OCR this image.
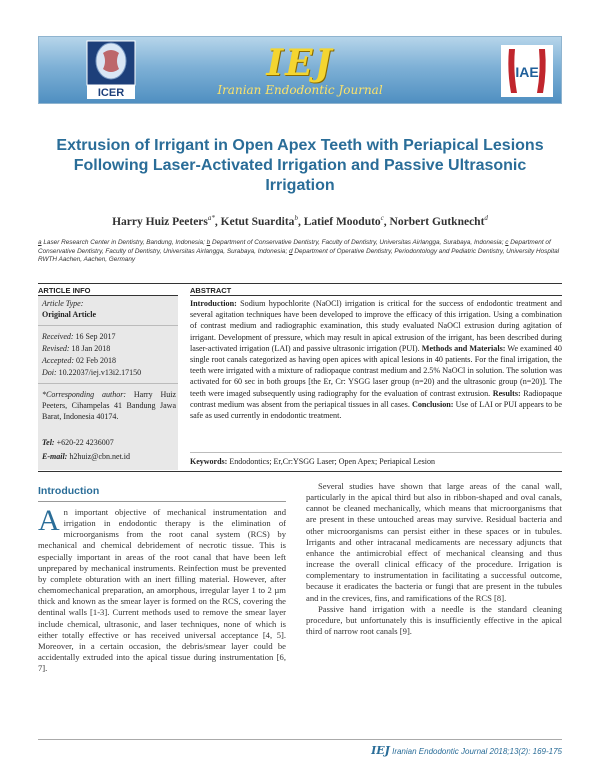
ICER
IEJ
Iranian Endodontic Journal
IAE
Extrusion of Irrigant in Open Apex Teeth with Periapical Lesions Following Laser-Activated Irrigation and Passive Ultrasonic Irrigation
Harry Huiz Peeters$^{a*}$, Ketut Suardita$^b$, Latief Mooduto$^c$, Norbert Gutknecht$^d$
a Laser Research Center in Dentistry, Bandung, Indonesia; b Department of Conservative Dentistry, Faculty of Dentistry, Universitas Airlangga, Surabaya, Indonesia; c Department of Conservative Dentistry, Faculty of Dentistry, Universitas Airlangga, Surabaya, Indonesia; d Department of Operative Dentistry, Periodontology and Pediatric Dentistry, University Hospital RWTH Aachen, Aachen, Germany
ARTICLE INFO	ABSTRACT
Article Type:
Original Article
Received: 16 Sep 2017
Revised: 18 Jan 2018
Accepted: 02 Feb 2018
Doi: 10.22037/iej.v13i2.17150
*Corresponding author: Harry Huiz Peeters, Cihampelas 41 Bandung Jawa Barat, Indonesia 40174.
Tel: +620-22 4236007
E-mail: h2huiz@cbn.net.id
Introduction: Sodium hypochlorite (NaOCl) irrigation is critical for the success of endodontic treatment and several agitation techniques have been developed to improve the efficacy of this irrigation. Using a combination of contrast medium and radiographic examination, this study evaluated NaOCl extrusion during agitation of irrigant. Development of pressure, which may result in apical extrusion of the irrigant, has been described during laser-activated irrigation (LAI) and passive ultrasonic irrigation (PUI). Methods and Materials: We examined 40 single root canals categorized as having open apices with apical lesions in 40 patients. For the final irrigation, the teeth were irrigated with a mixture of radiopaque contrast medium and 2.5% NaOCl in solution. The solution was activated for 60 sec in both groups [the Er, Cr: YSGG laser group (n=20) and the ultrasonic group (n=20)]. The teeth were imaged subsequently using radiography for the evaluation of contrast extrusion. Results: Radiopaque contrast medium was absent from the periapical tissues in all cases. Conclusion: Use of LAI or PUI appears to be safe as used currently in endodontic treatment.
Keywords: Endodontics; Er,Cr:YSGG Laser; Open Apex; Periapical Lesion
Introduction
An important objective of mechanical instrumentation and irrigation in endodontic therapy is the elimination of microorganisms from the root canal system (RCS) by mechanical and chemical debridement of necrotic tissue. This is especially important in areas of the root canal that have been left unprepared by mechanical instruments. Reinfection must be prevented by complete obturation with an inert filling material. However, after chemomechanical preparation, an amorphous, irregular layer 1 to 2 µm thick and known as the smear layer is formed on the RCS, covering the dentinal walls [1-3]. Current methods used to remove the smear layer include chemical, ultrasonic, and laser techniques, none of which is either totally effective or has received universal acceptance [4, 5]. Moreover, in a certain occasion, the debris/smear layer could be accidentally extruded into the apical tissue during instrumentation [6, 7].

Several studies have shown that large areas of the canal wall, particularly in the apical third but also in ribbon-shaped and oval canals, cannot be cleaned mechanically, which means that microorganisms that are present in these untouched areas may survive. Residual bacteria and other microorganisms can persist either in these spaces or in tubules. Irrigants and other intracanal medicaments are necessary adjuncts that enhance the antimicrobial effect of mechanical cleansing and thus increase the overall clinical efficacy of the procedure. Irrigation is complementary to instrumentation in facilitating a successful outcome, because it eradicates the bacteria or fungi that are present in the tubules and in the crevices, fins, and ramifications of the RCS [8].

Passive hand irrigation with a needle is the standard cleaning procedure, but unfortunately this is insufficiently effective in the apical third of narrow root canals [9].

IEJ Iranian Endodontic Journal 2018;13(2): 169-175
